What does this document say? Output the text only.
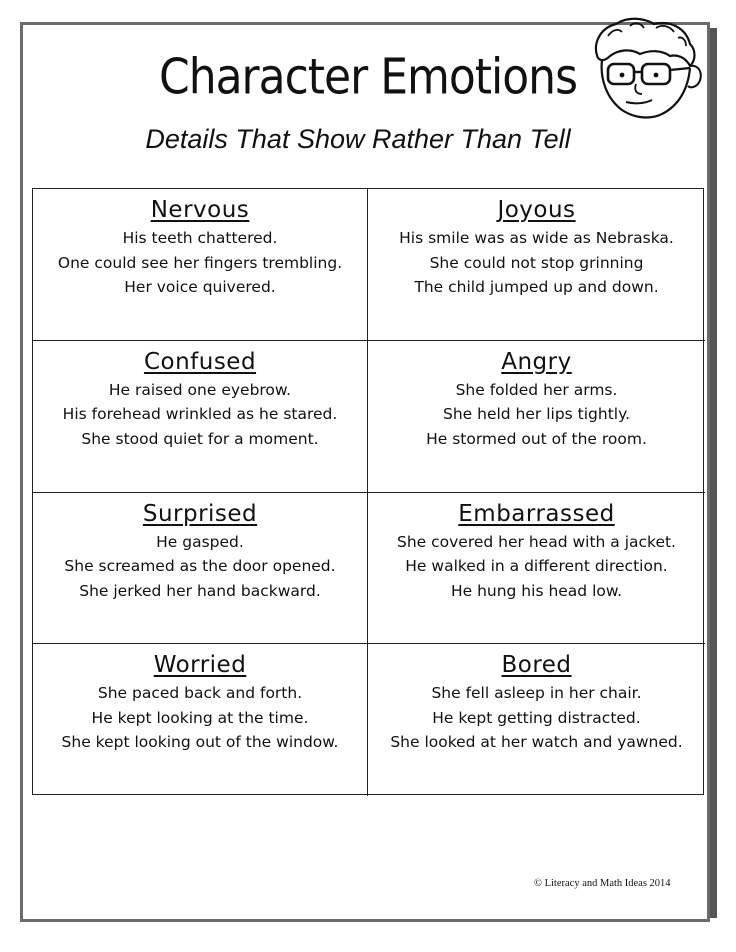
Character Emotions
Details That Show Rather Than Tell
Nervous
His teeth chattered.
One could see her fingers trembling.
Her voice quivered.
Joyous
His smile was as wide as Nebraska.
She could not stop grinning
The child jumped up and down.
Confused
He raised one eyebrow.
His forehead wrinkled as he stared.
She stood quiet for a moment.
Angry
She folded her arms.
She held her lips tightly.
He stormed out of the room.
Surprised
He gasped.
She screamed as the door opened.
She jerked her hand backward.
Embarrassed
She covered her head with a jacket.
He walked in a different direction.
He hung his head low.
Worried
She paced back and forth.
He kept looking at the time.
She kept looking out of the window.
Bored
She fell asleep in her chair.
He kept getting distracted.
She looked at her watch and yawned.
© Literacy and Math Ideas 2014
